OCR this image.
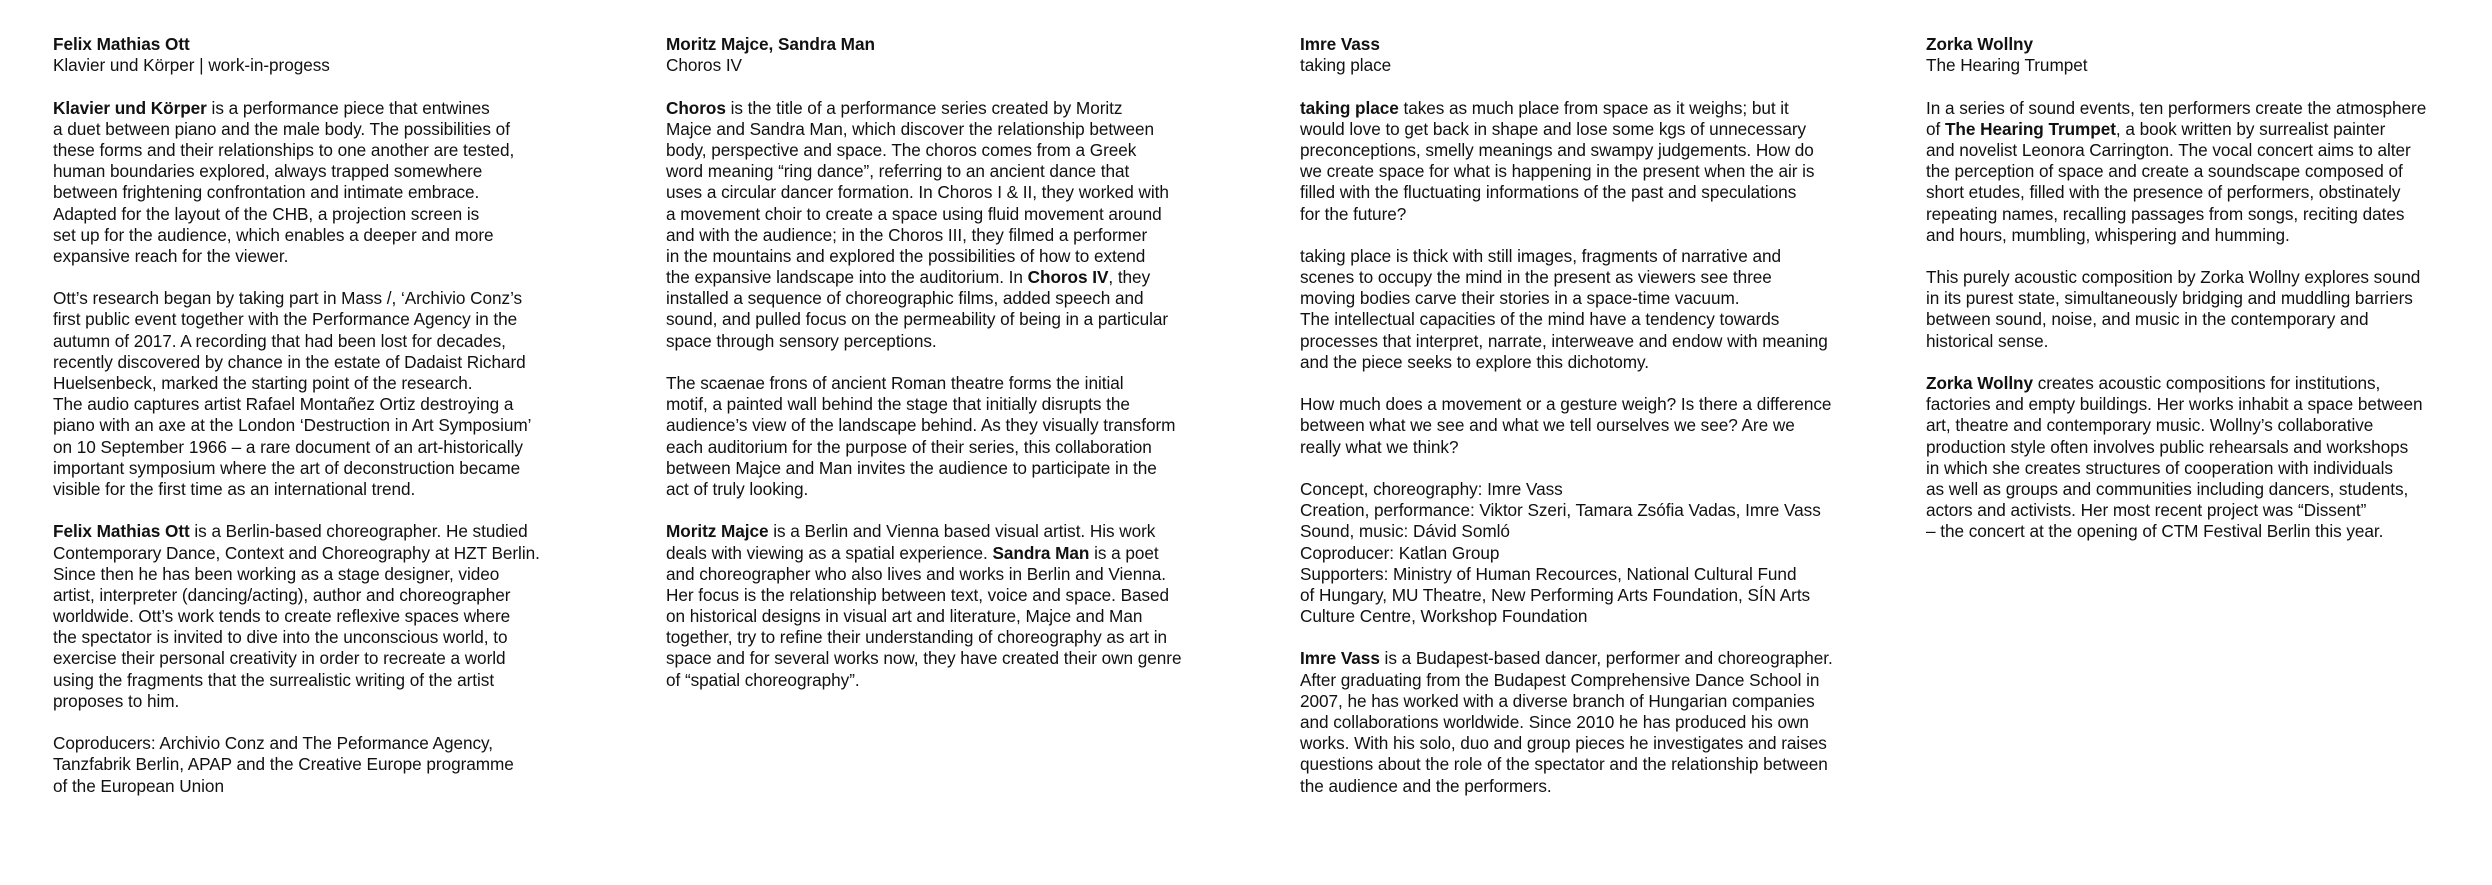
Felix Mathias Ott
Klavier und Körper | work-in-progess
Klavier und Körper is a performance piece that entwines
a duet between piano and the male body. The possibilities of
these forms and their relationships to one another are tested,
human boundaries explored, always trapped somewhere
between frightening confrontation and intimate embrace.
Adapted for the layout of the CHB, a projection screen is
set up for the audience, which enables a deeper and more
expansive reach for the viewer.
Ott’s research began by taking part in Mass /, ‘Archivio Conz’s
first public event together with the Performance Agency in the
autumn of 2017. A recording that had been lost for decades,
recently discovered by chance in the estate of Dadaist Richard
Huelsenbeck, marked the starting point of the research.
The audio captures artist Rafael Montañez Ortiz destroying a
piano with an axe at the London ‘Destruction in Art Symposium’
on 10 September 1966 – a rare document of an art-historically
important symposium where the art of deconstruction became
visible for the first time as an international trend.
Felix Mathias Ott is a Berlin-based choreographer. He studied
Contemporary Dance, Context and Choreography at HZT Berlin.
Since then he has been working as a stage designer, video
artist, interpreter (dancing/acting), author and choreographer
worldwide. Ott’s work tends to create reflexive spaces where
the spectator is invited to dive into the unconscious world, to
exercise their personal creativity in order to recreate a world
using the fragments that the surrealistic writing of the artist
proposes to him.
Coproducers: Archivio Conz and The Peformance Agency,
Tanzfabrik Berlin, APAP and the Creative Europe programme
of the European Union
Moritz Majce, Sandra Man
Choros IV
Choros is the title of a performance series created by Moritz
Majce and Sandra Man, which discover the relationship between
body, perspective and space. The choros comes from a Greek
word meaning “ring dance”, referring to an ancient dance that
uses a circular dancer formation. In Choros I & II, they worked with
a movement choir to create a space using fluid movement around
and with the audience; in the Choros III, they filmed a performer
in the mountains and explored the possibilities of how to extend
the expansive landscape into the auditorium. In Choros IV, they
installed a sequence of choreographic films, added speech and
sound, and pulled focus on the permeability of being in a particular
space through sensory perceptions.
The scaenae frons of ancient Roman theatre forms the initial
motif, a painted wall behind the stage that initially disrupts the
audience’s view of the landscape behind. As they visually transform
each auditorium for the purpose of their series, this collaboration
between Majce and Man invites the audience to participate in the
act of truly looking.
Moritz Majce is a Berlin and Vienna based visual artist. His work
deals with viewing as a spatial experience. Sandra Man is a poet
and choreographer who also lives and works in Berlin and Vienna.
Her focus is the relationship between text, voice and space. Based
on historical designs in visual art and literature, Majce and Man
together, try to refine their understanding of choreography as art in
space and for several works now, they have created their own genre
of “spatial choreography”.
Imre Vass
taking place
taking place takes as much place from space as it weighs; but it
would love to get back in shape and lose some kgs of unnecessary
preconceptions, smelly meanings and swampy judgements. How do
we create space for what is happening in the present when the air is
filled with the fluctuating informations of the past and speculations
for the future?
taking place is thick with still images, fragments of narrative and
scenes to occupy the mind in the present as viewers see three
moving bodies carve their stories in a space-time vacuum.
The intellectual capacities of the mind have a tendency towards
processes that interpret, narrate, interweave and endow with meaning
and the piece seeks to explore this dichotomy.
How much does a movement or a gesture weigh? Is there a difference
between what we see and what we tell ourselves we see? Are we
really what we think?
Concept, choreography: Imre Vass
Creation, performance: Viktor Szeri, Tamara Zsófia Vadas, Imre Vass
Sound, music: Dávid Somló
Coproducer: Katlan Group
Supporters: Ministry of Human Recources, National Cultural Fund
of Hungary, MU Theatre, New Performing Arts Foundation, SÍN Arts
Culture Centre, Workshop Foundation
Imre Vass is a Budapest-based dancer, performer and choreographer.
After graduating from the Budapest Comprehensive Dance School in
2007, he has worked with a diverse branch of Hungarian companies
and collaborations worldwide. Since 2010 he has produced his own
works. With his solo, duo and group pieces he investigates and raises
questions about the role of the spectator and the relationship between
the audience and the performers.
Zorka Wollny
The Hearing Trumpet
In a series of sound events, ten performers create the atmosphere
of The Hearing Trumpet, a book written by surrealist painter
and novelist Leonora Carrington. The vocal concert aims to alter
the perception of space and create a soundscape composed of
short etudes, filled with the presence of performers, obstinately
repeating names, recalling passages from songs, reciting dates
and hours, mumbling, whispering and humming.
This purely acoustic composition by Zorka Wollny explores sound
in its purest state, simultaneously bridging and muddling barriers
between sound, noise, and music in the contemporary and
historical sense.
Zorka Wollny creates acoustic compositions for institutions,
factories and empty buildings. Her works inhabit a space between
art, theatre and contemporary music. Wollny’s collaborative
production style often involves public rehearsals and workshops
in which she creates structures of cooperation with individuals
as well as groups and communities including dancers, students,
actors and activists. Her most recent project was “Dissent”
– the concert at the opening of CTM Festival Berlin this year.
